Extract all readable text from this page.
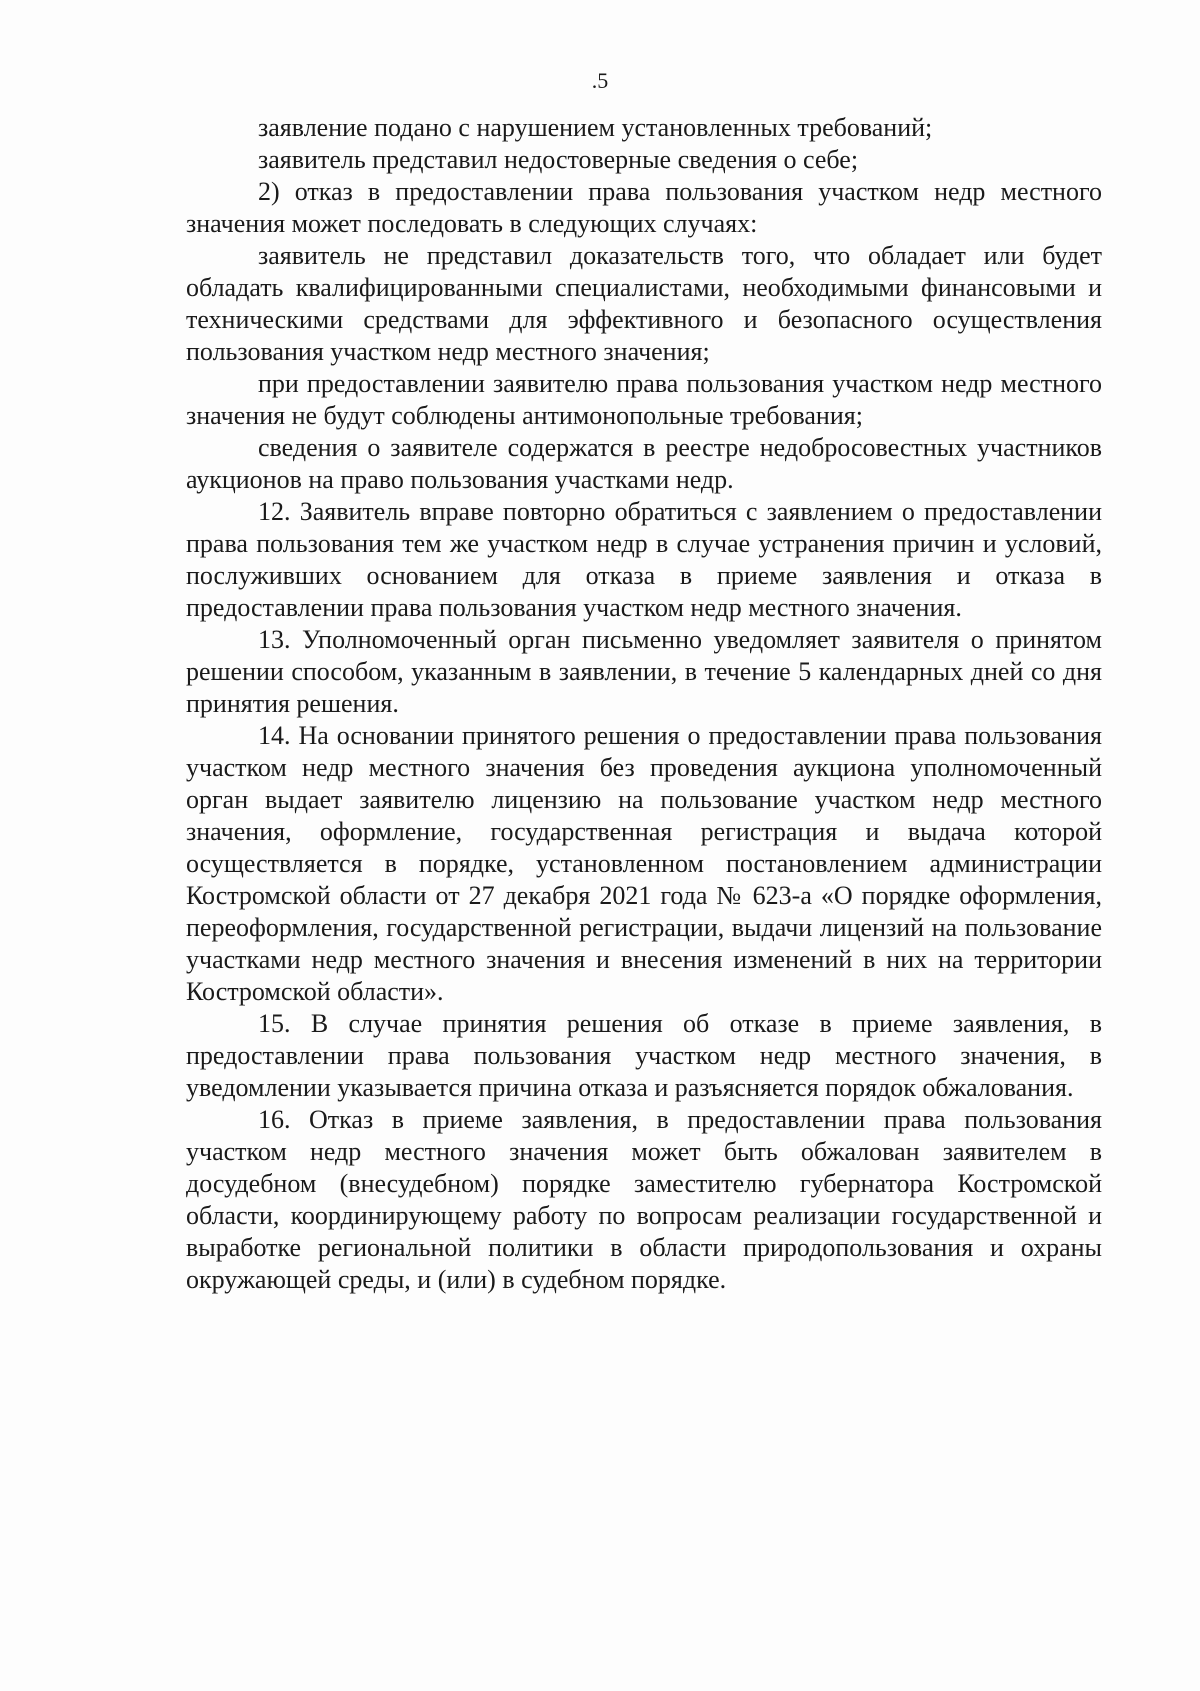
.5

заявление подано с нарушением установленных требований;

заявитель представил недостоверные сведения о себе;

2) отказ в предоставлении права пользования участком недр местного значения может последовать в следующих случаях:

заявитель не представил доказательств того, что обладает или будет обладать квалифицированными специалистами, необходимыми финансовыми и техническими средствами для эффективного и безопасного осуществления пользования участком недр местного значения;

при предоставлении заявителю права пользования участком недр местного значения не будут соблюдены антимонопольные требования;

сведения о заявителе содержатся в реестре недобросовестных участников аукционов на право пользования участками недр.

12. Заявитель вправе повторно обратиться с заявлением о предоставлении права пользования тем же участком недр в случае устранения причин и условий, послуживших основанием для отказа в приеме заявления и отказа в предоставлении права пользования участком недр местного значения.

13. Уполномоченный орган письменно уведомляет заявителя о принятом решении способом, указанным в заявлении, в течение 5 календарных дней со дня принятия решения.

14. На основании принятого решения о предоставлении права пользования участком недр местного значения без проведения аукциона уполномоченный орган выдает заявителю лицензию на пользование участком недр местного значения, оформление, государственная регистрация и выдача которой осуществляется в порядке, установленном постановлением администрации Костромской области от 27 декабря 2021 года № 623-а «О порядке оформления, переоформления, государственной регистрации, выдачи лицензий на пользование участками недр местного значения и внесения изменений в них на территории Костромской области».

15. В случае принятия решения об отказе в приеме заявления, в предоставлении права пользования участком недр местного значения, в уведомлении указывается причина отказа и разъясняется порядок обжалования.

16. Отказ в приеме заявления, в предоставлении права пользования участком недр местного значения может быть обжалован заявителем в досудебном (внесудебном) порядке заместителю губернатора Костромской области, координирующему работу по вопросам реализации государственной и выработке региональной политики в области природопользования и охраны окружающей среды, и (или) в судебном порядке.
